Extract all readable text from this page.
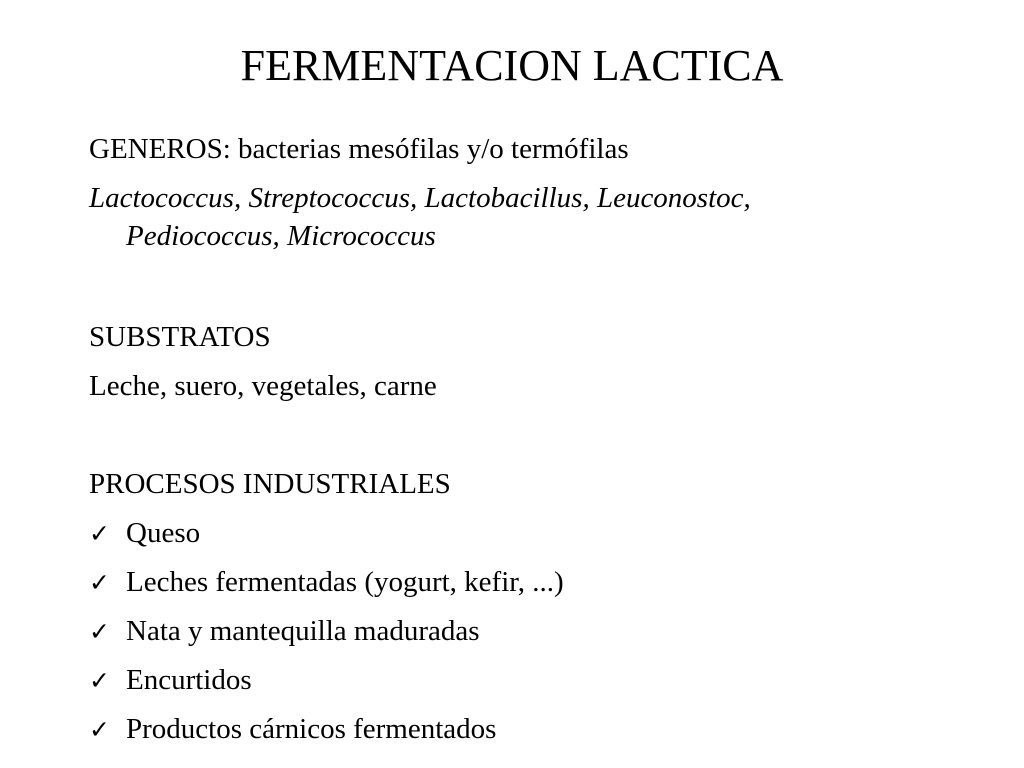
FERMENTACION LACTICA
GENEROS: bacterias mesófilas y/o termófilas
Lactococcus, Streptococcus, Lactobacillus, Leuconostoc,
Pediococcus, Micrococcus
SUBSTRATOS
Leche, suero, vegetales, carne
PROCESOS INDUSTRIALES
✓ Queso
✓ Leches fermentadas (yogurt, kefir, ...)
✓ Nata y mantequilla maduradas
✓ Encurtidos
✓ Productos cárnicos fermentados
